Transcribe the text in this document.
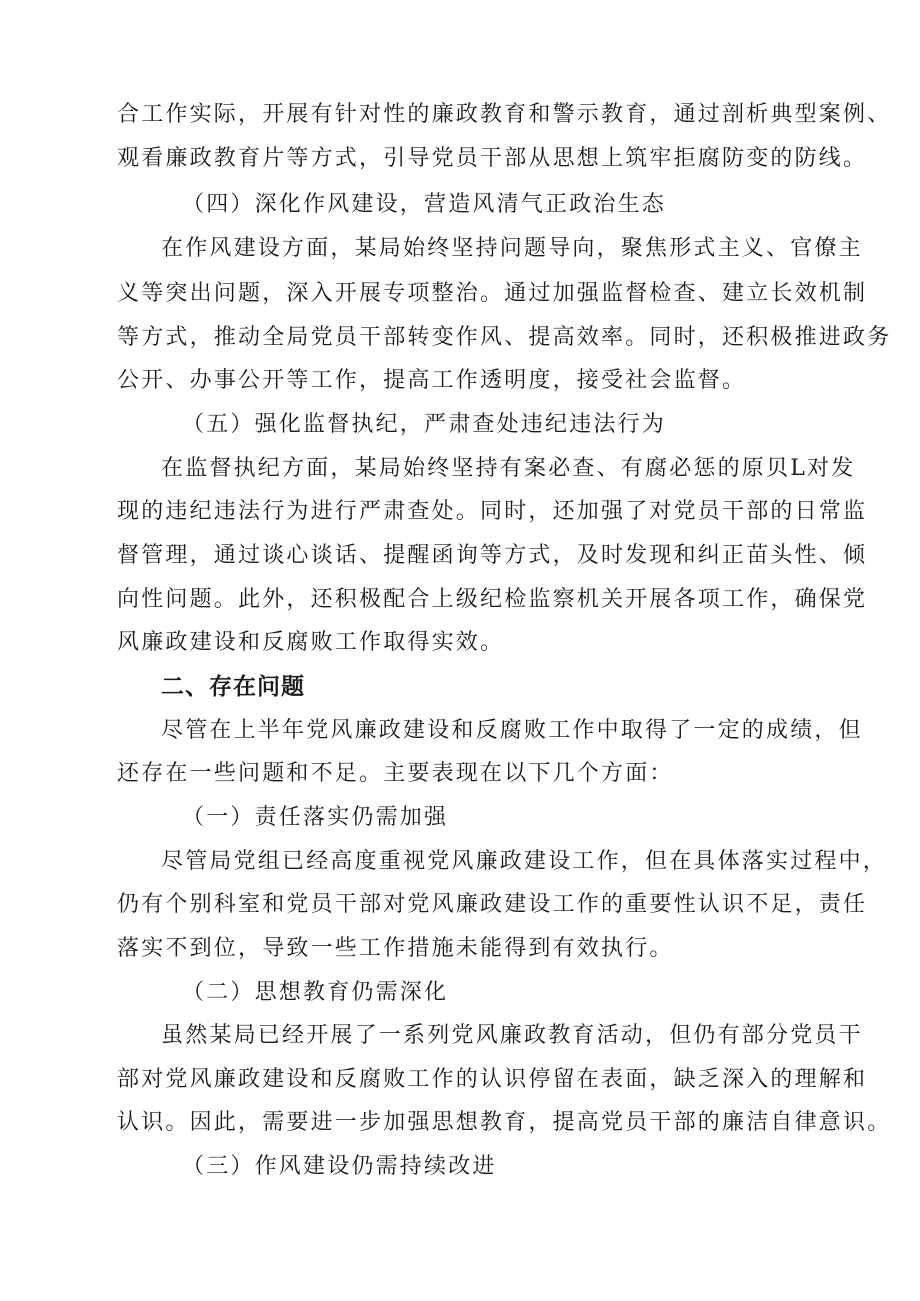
合工作实际，开展有针对性的廉政教育和警示教育，通过剖析典型案例、
观看廉政教育片等方式，引导党员干部从思想上筑牢拒腐防变的防线。
（四）深化作风建设，营造风清气正政治生态
在作风建设方面，某局始终坚持问题导向，聚焦形式主义、官僚主
义等突出问题，深入开展专项整治。通过加强监督检查、建立长效机制
等方式，推动全局党员干部转变作风、提高效率。同时，还积极推进政务
公开、办事公开等工作，提高工作透明度，接受社会监督。
（五）强化监督执纪，严肃查处违纪违法行为
在监督执纪方面，某局始终坚持有案必查、有腐必惩的原贝L对发
现的违纪违法行为进行严肃查处。同时，还加强了对党员干部的日常监
督管理，通过谈心谈话、提醒函询等方式，及时发现和纠正苗头性、倾
向性问题。此外，还积极配合上级纪检监察机关开展各项工作，确保党
风廉政建设和反腐败工作取得实效。
二、存在问题
尽管在上半年党风廉政建设和反腐败工作中取得了一定的成绩，但
还存在一些问题和不足。主要表现在以下几个方面：
（一）责任落实仍需加强
尽管局党组已经高度重视党风廉政建设工作，但在具体落实过程中，
仍有个别科室和党员干部对党风廉政建设工作的重要性认识不足，责任
落实不到位，导致一些工作措施未能得到有效执行。
（二）思想教育仍需深化
虽然某局已经开展了一系列党风廉政教育活动，但仍有部分党员干
部对党风廉政建设和反腐败工作的认识停留在表面，缺乏深入的理解和
认识。因此，需要进一步加强思想教育，提高党员干部的廉洁自律意识。
（三）作风建设仍需持续改进
